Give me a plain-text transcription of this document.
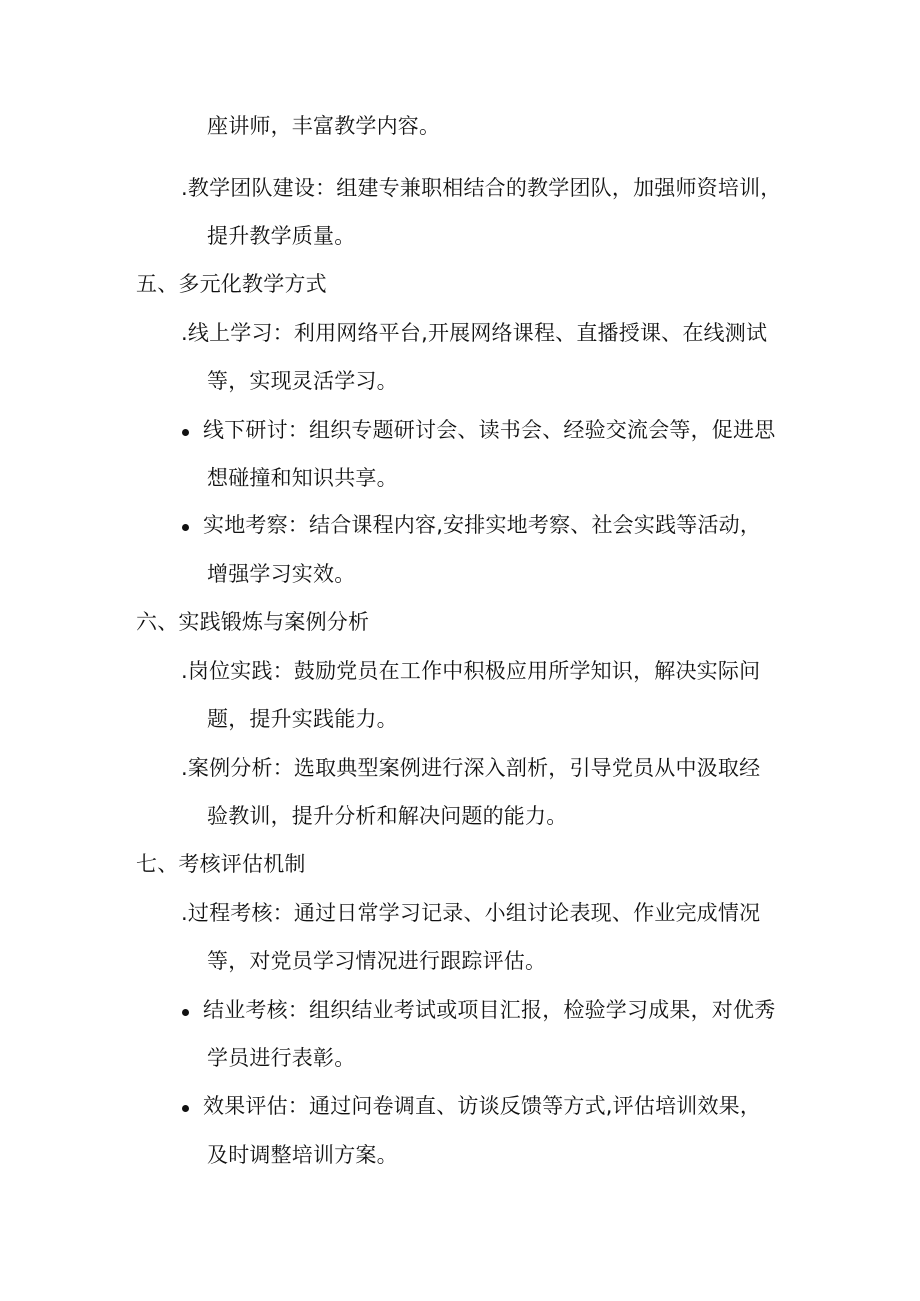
座讲师，丰富教学内容。
.教学团队建设：组建专兼职相结合的教学团队，加强师资培训，
提升教学质量。
五、多元化教学方式
.线上学习：利用网络平台,开展网络课程、直播授课、在线测试
等，实现灵活学习。
线下研讨：组织专题研讨会、读书会、经验交流会等，促进思
想碰撞和知识共享。
实地考察：结合课程内容,安排实地考察、社会实践等活动，
增强学习实效。
六、实践锻炼与案例分析
.岗位实践：鼓励党员在工作中积极应用所学知识，解决实际问
题，提升实践能力。
.案例分析：选取典型案例进行深入剖析，引导党员从中汲取经
验教训，提升分析和解决问题的能力。
七、考核评估机制
.过程考核：通过日常学习记录、小组讨论表现、作业完成情况
等，对党员学习情况进行跟踪评估。
结业考核：组织结业考试或项目汇报，检验学习成果，对优秀
学员进行表彰。
效果评估：通过问卷调直、访谈反馈等方式,评估培训效果，
及时调整培训方案。
